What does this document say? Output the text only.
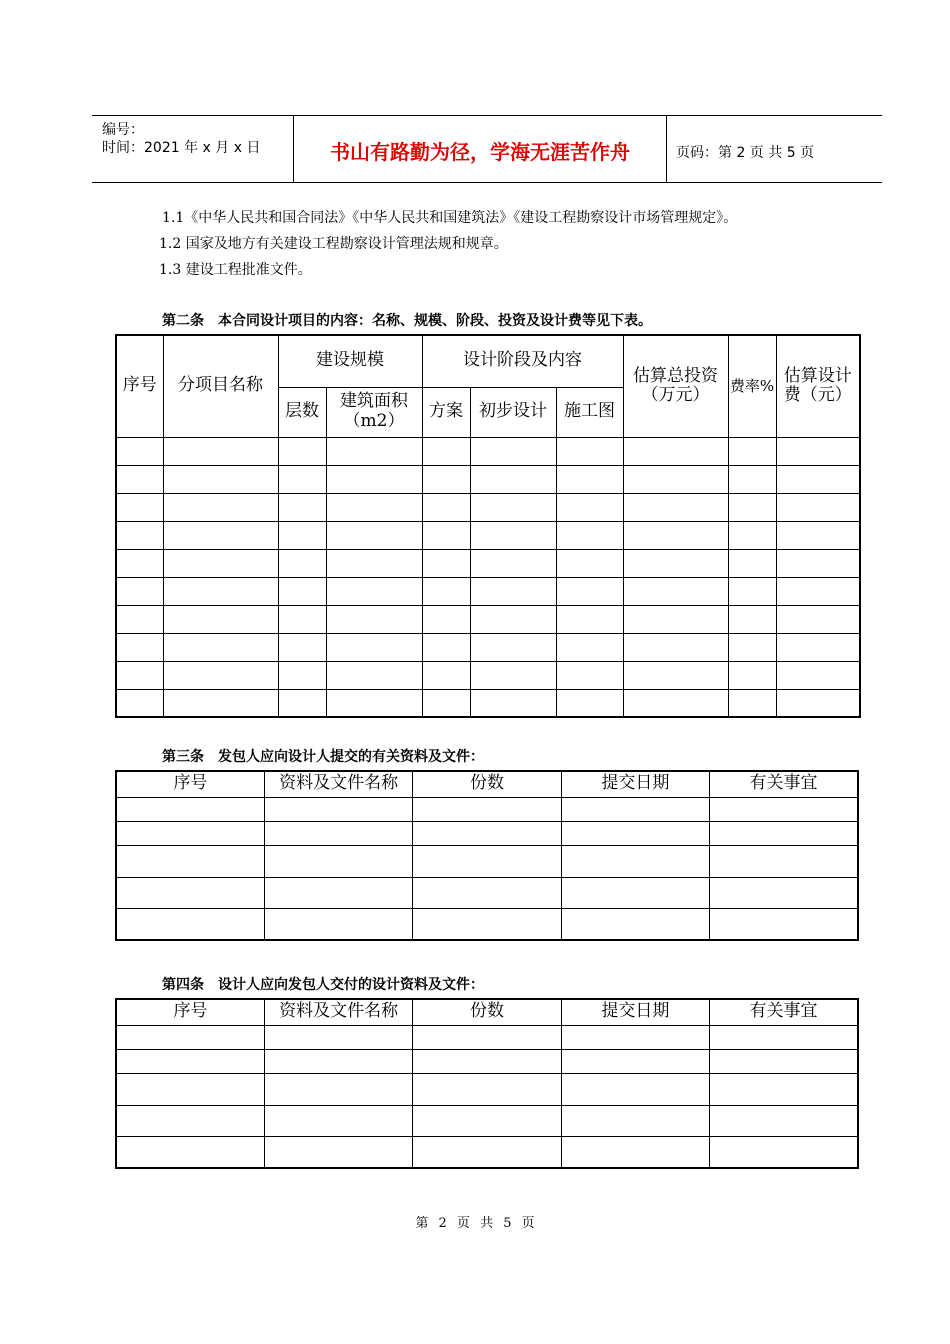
编号：
时间：2021 年 x 月 x 日	书山有路勤为径，学海无涯苦作舟	页码：第 2 页 共 5 页
1.1《中华人民共和国合同法》《中华人民共和国建筑法》《建设工程勘察设计市场管理规定》。
1.2 国家及地方有关建设工程勘察设计管理法规和规章。
1.3 建设工程批准文件。
第二条　本合同设计项目的内容：名称、规模、阶段、投资及设计费等见下表。
序号	分项目名称	建设规模		设计阶段及内容			估算总投资（万元）	费率%	估算设计费（元）
		层数	建筑面积（m2）	方案	初步设计	施工图			

第三条　发包人应向设计人提交的有关资料及文件：
序号	资料及文件名称	份数	提交日期	有关事宜

第四条　设计人应向发包人交付的设计资料及文件：
序号	资料及文件名称	份数	提交日期	有关事宜

第 2 页 共 5 页
